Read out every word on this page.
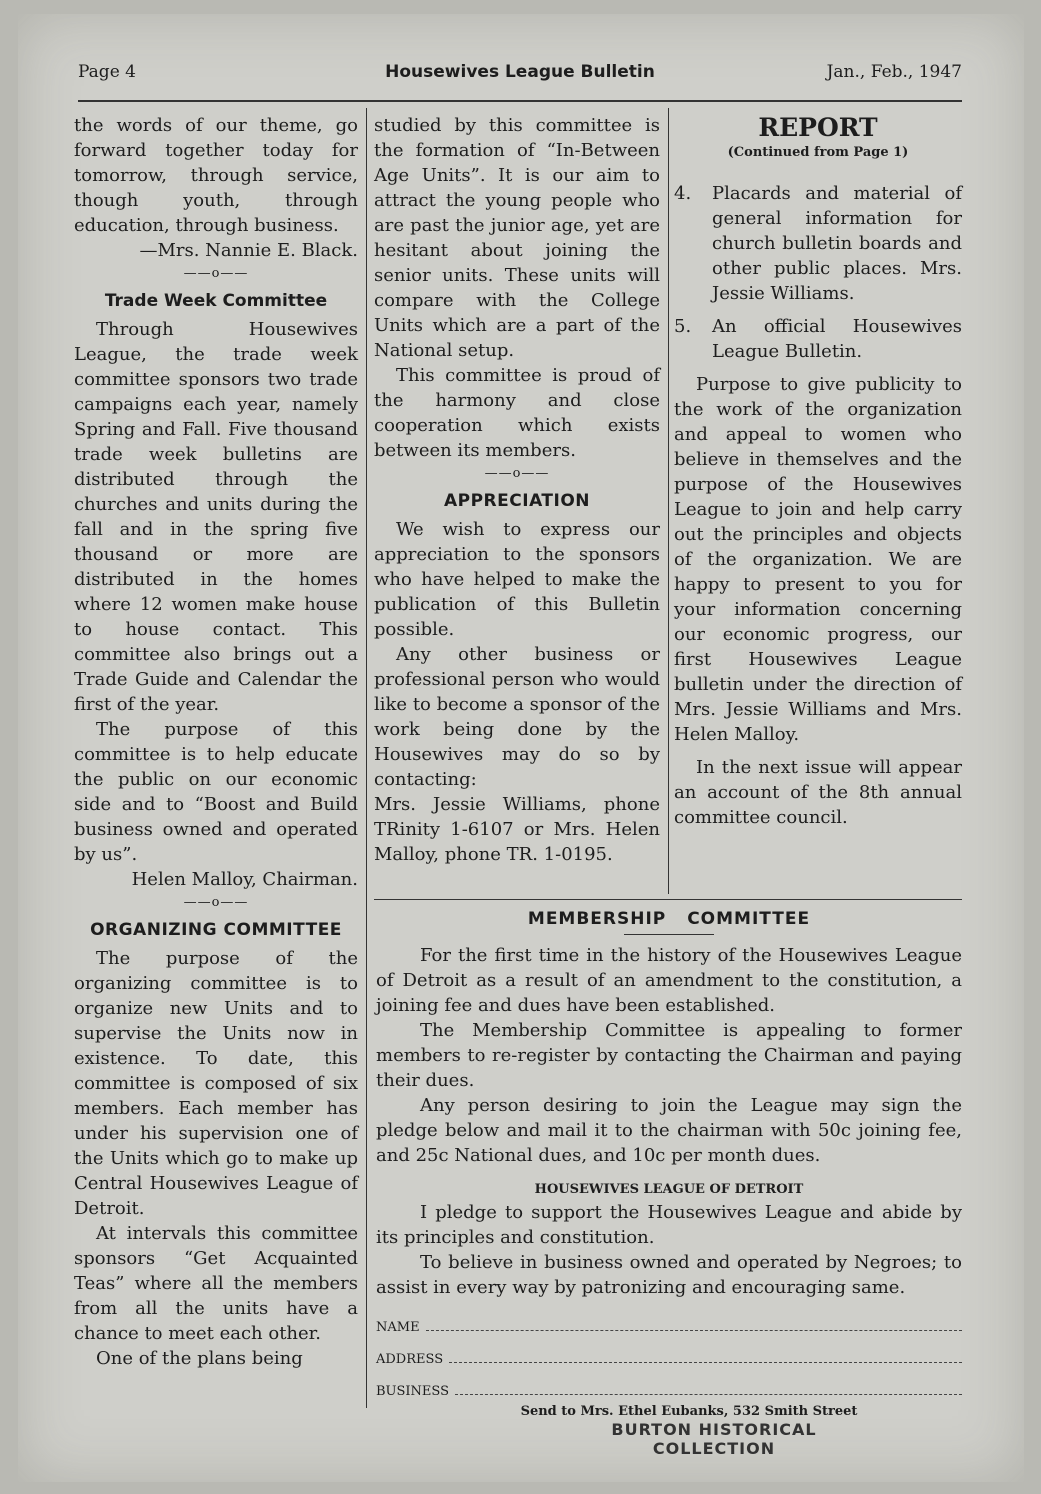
Page 4	Housewives League Bulletin	Jan., Feb., 1947

the words of our theme, go forward together today for tomorrow, through service, though youth, through education, through business.

—Mrs. Nannie E. Black.

——o——
Trade Week Committee

Through Housewives League, the trade week committee sponsors two trade campaigns each year, namely Spring and Fall. Five thousand trade week bulletins are distributed through the churches and units during the fall and in the spring five thousand or more are distributed in the homes where 12 women make house to house contact. This committee also brings out a Trade Guide and Calendar the first of the year.

The purpose of this committee is to help educate the public on our economic side and to “Boost and Build business owned and operated by us”.

Helen Malloy, Chairman.

——o——
ORGANIZING COMMITTEE

The purpose of the organizing committee is to organize new Units and to supervise the Units now in existence. To date, this committee is composed of six members. Each member has under his supervision one of the Units which go to make up Central Housewives League of Detroit.

At intervals this committee sponsors “Get Acquainted Teas” where all the members from all the units have a chance to meet each other.

One of the plans being

studied by this committee is the formation of “In-Between Age Units”. It is our aim to attract the young people who are past the junior age, yet are hesitant about joining the senior units. These units will compare with the College Units which are a part of the National setup.

This committee is proud of the harmony and close cooperation which exists between its members.

——o——
APPRECIATION

We wish to express our appreciation to the sponsors who have helped to make the publication of this Bulletin possible.

Any other business or professional person who would like to become a sponsor of the work being done by the Housewives may do so by contacting:

Mrs. Jessie Williams, phone TRinity 1-6107 or Mrs. Helen Malloy, phone TR. 1-0195.

REPORT
(Continued from Page 1)
4.	Placards and material of general information for church bulletin boards and other public places. Mrs. Jessie Williams.
5.	An official Housewives League Bulletin.

Purpose to give publicity to the work of the organization and appeal to women who believe in themselves and the purpose of the Housewives League to join and help carry out the principles and objects of the organization. We are happy to present to you for your information concerning our economic progress, our first Housewives League bulletin under the direction of Mrs. Jessie Williams and Mrs. Helen Malloy.

In the next issue will appear an account of the 8th annual committee council.

MEMBERSHIP COMMITTEE

For the first time in the history of the Housewives League of Detroit as a result of an amendment to the constitution, a joining fee and dues have been established.

The Membership Committee is appealing to former members to re-register by contacting the Chairman and paying their dues.

Any person desiring to join the League may sign the pledge below and mail it to the chairman with 50c joining fee, and 25c National dues, and 10c per month dues.

HOUSEWIVES LEAGUE OF DETROIT

I pledge to support the Housewives League and abide by its principles and constitution.

To believe in business owned and operated by Negroes; to assist in every way by patronizing and encouraging same.

NAME
ADDRESS
BUSINESS
Send to Mrs. Ethel Eubanks, 532 Smith Street
BURTON HISTORICAL
COLLECTION
